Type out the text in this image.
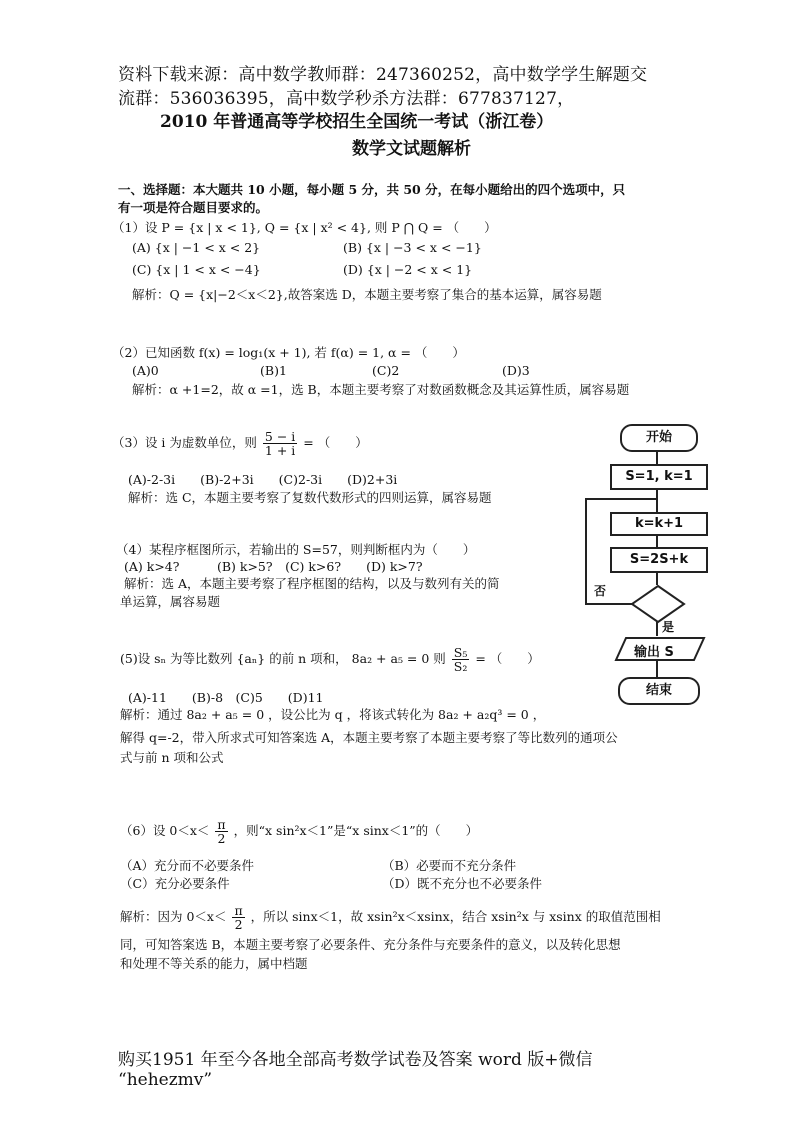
资料下载来源：高中数学教师群：247360252，高中数学学生解题交
流群：536036395，高中数学秒杀方法群：677837127，
2010 年普通高等学校招生全国统一考试（浙江卷）
数学文试题解析
一、选择题：本大题共 10 小题，每小题 5 分，共 50 分，在每小题给出的四个选项中，只
有一项是符合题目要求的。
（1）设 P = {x | x < 1}, Q = {x | x² < 4}, 则 P ⋂ Q = （　　）
(A) {x | −1 < x < 2}	(B) {x | −3 < x < −1}
(C) {x | 1 < x < −4}	(D) {x | −2 < x < 1}
解析：Q = {x|−2＜x＜2},故答案选 D，本题主要考察了集合的基本运算，属容易题
（2）已知函数 f(x) = log₁(x + 1), 若 f(α) = 1, α = （　　）
(A)0	(B)1	(C)2	(D)3
解析：α +1=2，故 α =1，选 B，本题主要考察了对数函数概念及其运算性质，属容易题
（3）设 i 为虚数单位，则 $\frac{5 - i}{1 + i}$ = （　　）
(A)-2-3i　　(B)-2+3i　　(C)2-3i　　(D)2+3i
解析：选 C，本题主要考察了复数代数形式的四则运算，属容易题
（4）某程序框图所示，若输出的 S=57，则判断框内为（　　）
(A) k>4?　　　(B) k>5?　(C) k>6?　　(D) k>7?
解析：选 A，本题主要考察了程序框图的结构，以及与数列有关的简
单运算，属容易题
开始
S=1, k=1
k=k+1
S=2S+k
否
是
输出 S
结束
(5)设 sₙ 为等比数列 {aₙ} 的前 n 项和， 8a₂ + a₅ = 0 则 $\frac{\text{S₅}}{\text{S₂}}$ = （　　）
(A)-11　　(B)-8　(C)5　　(D)11
解析：通过 8a₂ + a₅ = 0 ，设公比为 q ，将该式转化为 8a₂ + a₂q³ = 0 ，
解得 q=-2，带入所求式可知答案选 A，本题主要考察了本题主要考察了等比数列的通项公
式与前 n 项和公式
（6）设 $0<x< \frac{\pi}{2}$ ，则“x sin²x＜1”是“x sinx＜1”的（　　）
（A）充分而不必要条件	（B）必要而不充分条件
（C）充分必要条件	（D）既不充分也不必要条件
解析：因为 $0<x< \frac{\pi}{2}$ ，所以 sinx＜1，故 xsin²x＜xsinx，结合 xsin²x 与 xsinx 的取值范围相
同，可知答案选 B，本题主要考察了必要条件、充分条件与充要条件的意义，以及转化思想
和处理不等关系的能力，属中档题
购买1951 年至今各地全部高考数学试卷及答案 word 版+微信
“hehezmv”
